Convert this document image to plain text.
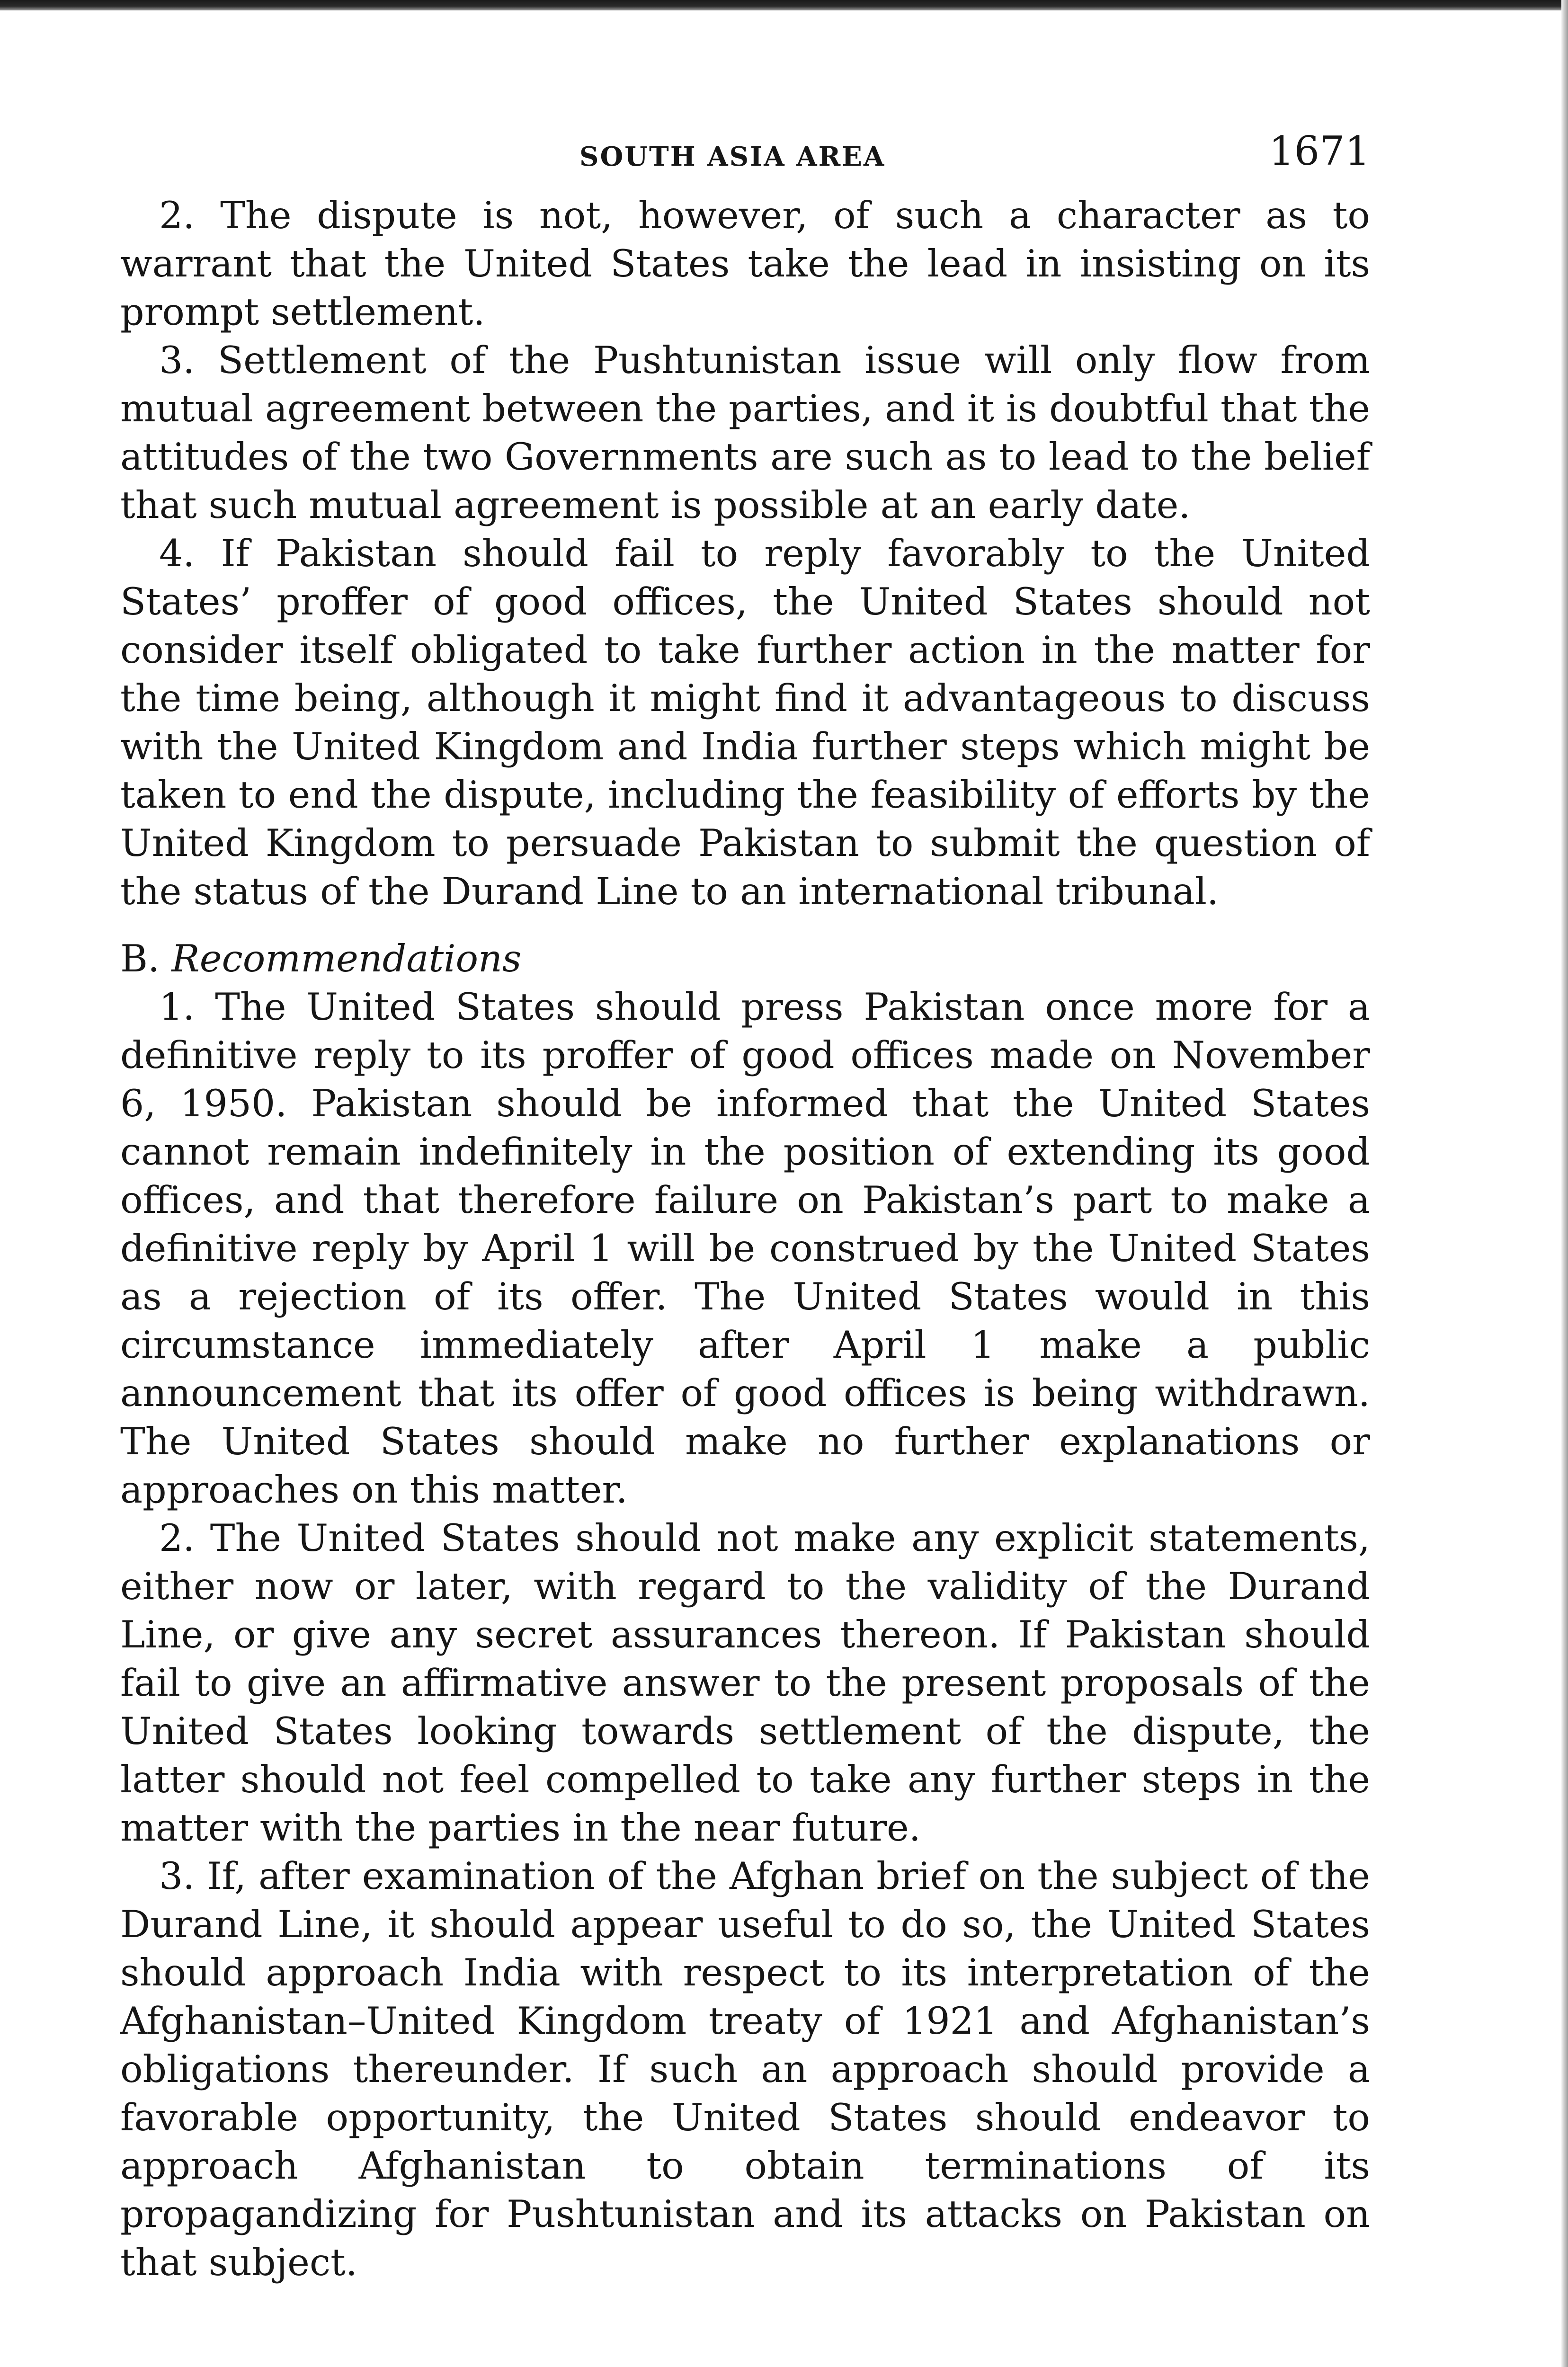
SOUTH ASIA AREA	1671

2. The dispute is not, however, of such a character as to warrant that the United States take the lead in insisting on its prompt settlement.

3. Settlement of the Pushtunistan issue will only flow from mutual agreement between the parties, and it is doubtful that the attitudes of the two Governments are such as to lead to the belief that such mutual agreement is possible at an early date.

4. If Pakistan should fail to reply favorably to the United States’ proffer of good offices, the United States should not consider itself obligated to take further action in the matter for the time being, although it might find it advantageous to discuss with the United Kingdom and India further steps which might be taken to end the dispute, including the feasibility of efforts by the United Kingdom to persuade Pakistan to submit the question of the status of the Durand Line to an international tribunal.

B. Recommendations

1. The United States should press Pakistan once more for a definitive reply to its proffer of good offices made on November 6, 1950. Pakistan should be informed that the United States cannot remain indefinitely in the position of extending its good offices, and that therefore failure on Pakistan’s part to make a definitive reply by April 1 will be construed by the United States as a rejection of its offer. The United States would in this circumstance immediately after April 1 make a public announcement that its offer of good offices is being withdrawn. The United States should make no further explanations or approaches on this matter.

2. The United States should not make any explicit statements, either now or later, with regard to the validity of the Durand Line, or give any secret assurances thereon. If Pakistan should fail to give an affirmative answer to the present proposals of the United States looking towards settlement of the dispute, the latter should not feel compelled to take any further steps in the matter with the parties in the near future.

3. If, after examination of the Afghan brief on the subject of the Durand Line, it should appear useful to do so, the United States should approach India with respect to its interpretation of the Afghanistan–United Kingdom treaty of 1921 and Afghanistan’s obligations thereunder. If such an approach should provide a favorable opportunity, the United States should endeavor to approach Afghanistan to obtain terminations of its propagandizing for Pushtunistan and its attacks on Pakistan on that subject.
